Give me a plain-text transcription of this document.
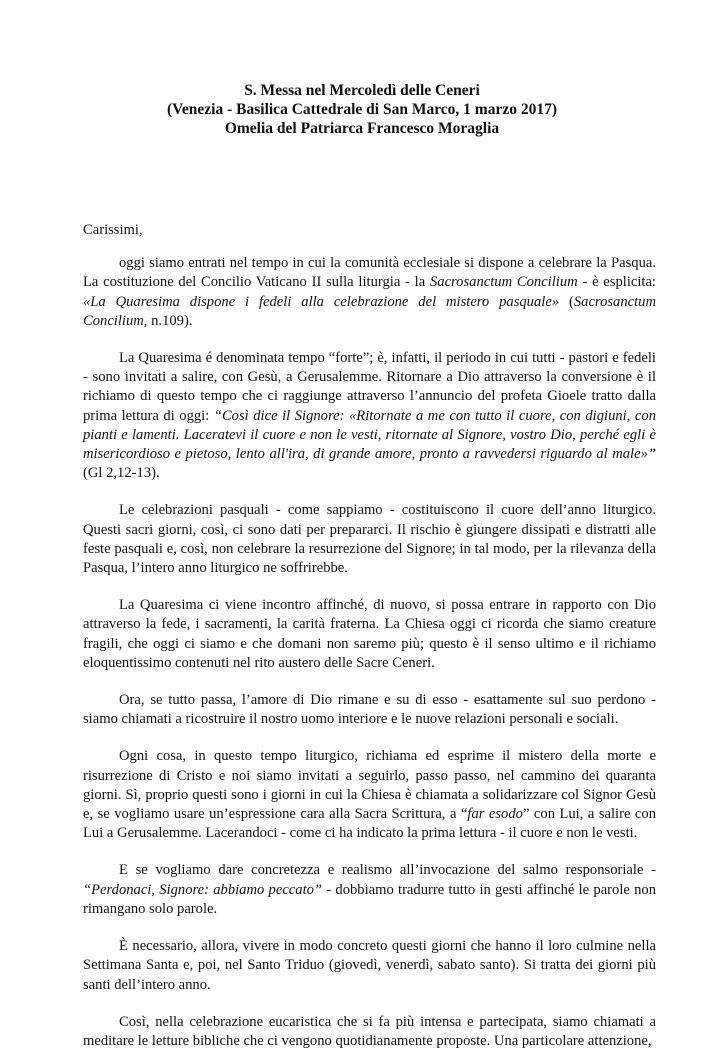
S. Messa nel Mercoledì delle Ceneri
(Venezia - Basilica Cattedrale di San Marco, 1 marzo 2017)
Omelia del Patriarca Francesco Moraglia

Carissimi,

oggi siamo entrati nel tempo in cui la comunità ecclesiale si dispone a celebrare la Pasqua. La costituzione del Concilio Vaticano II sulla liturgia - la Sacrosanctum Concilium - è esplicita: «La Quaresima dispone i fedeli alla celebrazione del mistero pasquale» (Sacrosanctum Concilium, n.109).

La Quaresima é denominata tempo “forte”; è, infatti, il periodo in cui tutti - pastori e fedeli - sono invitati a salire, con Gesù, a Gerusalemme. Ritornare a Dio attraverso la conversione è il richiamo di questo tempo che ci raggiunge attraverso l’annuncio del profeta Gioele tratto dalla prima lettura di oggi: “Così dice il Signore: «Ritornate a me con tutto il cuore, con digiuni, con pianti e lamenti. Laceratevi il cuore e non le vesti, ritornate al Signore, vostro Dio, perché egli è misericordioso e pietoso, lento all'ira, di grande amore, pronto a ravvedersi riguardo al male»” (Gl 2,12-13).

Le celebrazioni pasquali - come sappiamo - costituiscono il cuore dell’anno liturgico. Questi sacri giorni, così, ci sono dati per prepararci. Il rischio è giungere dissipati e distratti alle feste pasquali e, così, non celebrare la resurrezione del Signore; in tal modo, per la rilevanza della Pasqua, l’intero anno liturgico ne soffrirebbe.

La Quaresima ci viene incontro affinché, di nuovo, si possa entrare in rapporto con Dio attraverso la fede, i sacramenti, la carità fraterna. La Chiesa oggi ci ricorda che siamo creature fragili, che oggi ci siamo e che domani non saremo più; questo è il senso ultimo e il richiamo eloquentissimo contenuti nel rito austero delle Sacre Ceneri.

Ora, se tutto passa, l’amore di Dio rimane e su di esso - esattamente sul suo perdono - siamo chiamati a ricostruire il nostro uomo interiore e le nuove relazioni personali e sociali.

Ogni cosa, in questo tempo liturgico, richiama ed esprime il mistero della morte e risurrezione di Cristo e noi siamo invitati a seguirlo, passo passo, nel cammino dei quaranta giorni. Sì, proprio questi sono i giorni in cui la Chiesa è chiamata a solidarizzare col Signor Gesù e, se vogliamo usare un’espressione cara alla Sacra Scrittura, a “far esodo” con Lui, a salire con Lui a Gerusalemme. Lacerandoci - come ci ha indicato la prima lettura - il cuore e non le vesti.

E se vogliamo dare concretezza e realismo all’invocazione del salmo responsoriale - “Perdonaci, Signore: abbiamo peccato” - dobbiamo tradurre tutto in gesti affinché le parole non rimangano solo parole.

È necessario, allora, vivere in modo concreto questi giorni che hanno il loro culmine nella Settimana Santa e, poi, nel Santo Triduo (giovedì, venerdì, sabato santo). Si tratta dei giorni più santi dell’intero anno.

Così, nella celebrazione eucaristica che si fa più intensa e partecipata, siamo chiamati a meditare le letture bibliche che ci vengono quotidianamente proposte. Una particolare attenzione,
